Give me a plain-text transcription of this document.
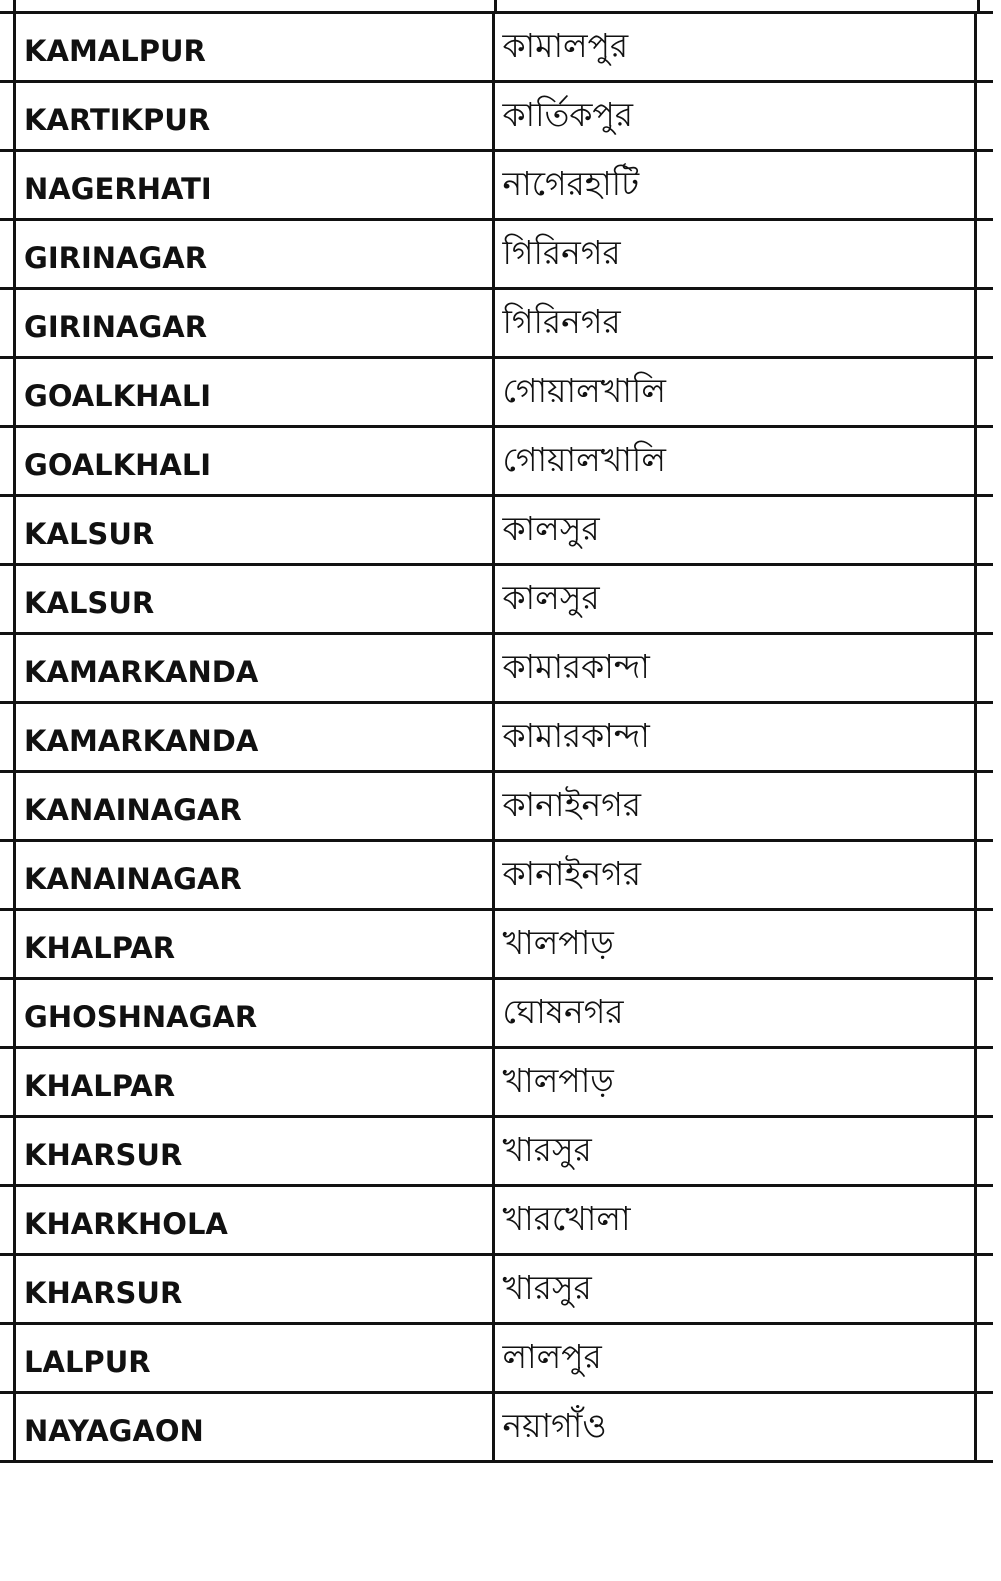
	KAMALPUR	কামালপুর	
	KARTIKPUR	কার্তিকপুর	
	NAGERHATI	নাগেরহাটি	
	GIRINAGAR	গিরিনগর	
	GIRINAGAR	গিরিনগর	
	GOALKHALI	গোয়ালখালি	
	GOALKHALI	গোয়ালখালি	
	KALSUR	কালসুর	
	KALSUR	কালসুর	
	KAMARKANDA	কামারকান্দা	
	KAMARKANDA	কামারকান্দা	
	KANAINAGAR	কানাইনগর	
	KANAINAGAR	কানাইনগর	
	KHALPAR	খালপাড়	
	GHOSHNAGAR	ঘোষনগর	
	KHALPAR	খালপাড়	
	KHARSUR	খারসুর	
	KHARKHOLA	খারখোলা	
	KHARSUR	খারসুর	
	LALPUR	লালপুর	
	NAYAGAON	নয়াগাঁও	
